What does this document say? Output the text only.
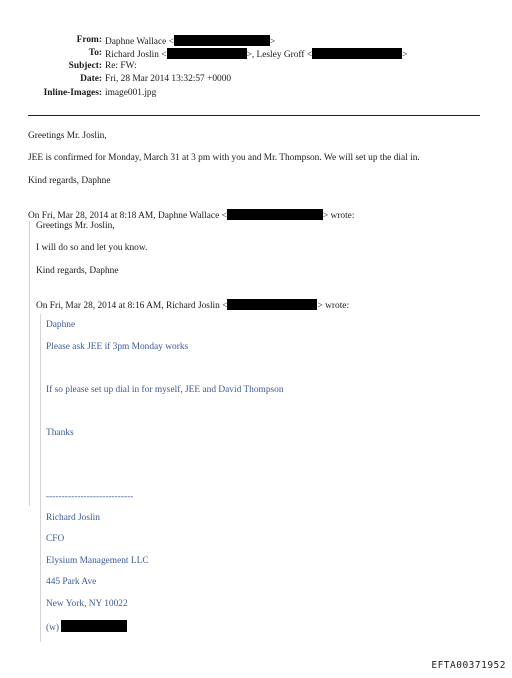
From: Daphne Wallace <	>
To: Richard Joslin <	>, Lesley Groff <	>
Subject: Re: FW:
Date: Fri, 28 Mar 2014 13:32:57 +0000
Inline-Images: image001.jpg
Greetings Mr. Joslin,
JEE is confirmed for Monday, March 31 at 3 pm with you and Mr. Thompson. We will set up the dial in.
Kind regards, Daphne
On Fri, Mar 28, 2014 at 8:18 AM, Daphne Wallace <	> wrote:
Greetings Mr. Joslin,
I will do so and let you know.
Kind regards, Daphne
On Fri, Mar 28, 2014 at 8:16 AM, Richard Joslin <	> wrote:
Daphne
Please ask JEE if 3pm Monday works
If so please set up dial in for myself, JEE and David Thompson
Thanks
----------------------------
Richard Joslin
CFO
Elysium Management LLC
445 Park Ave
New York, NY 10022
(w)
EFTA00371952
